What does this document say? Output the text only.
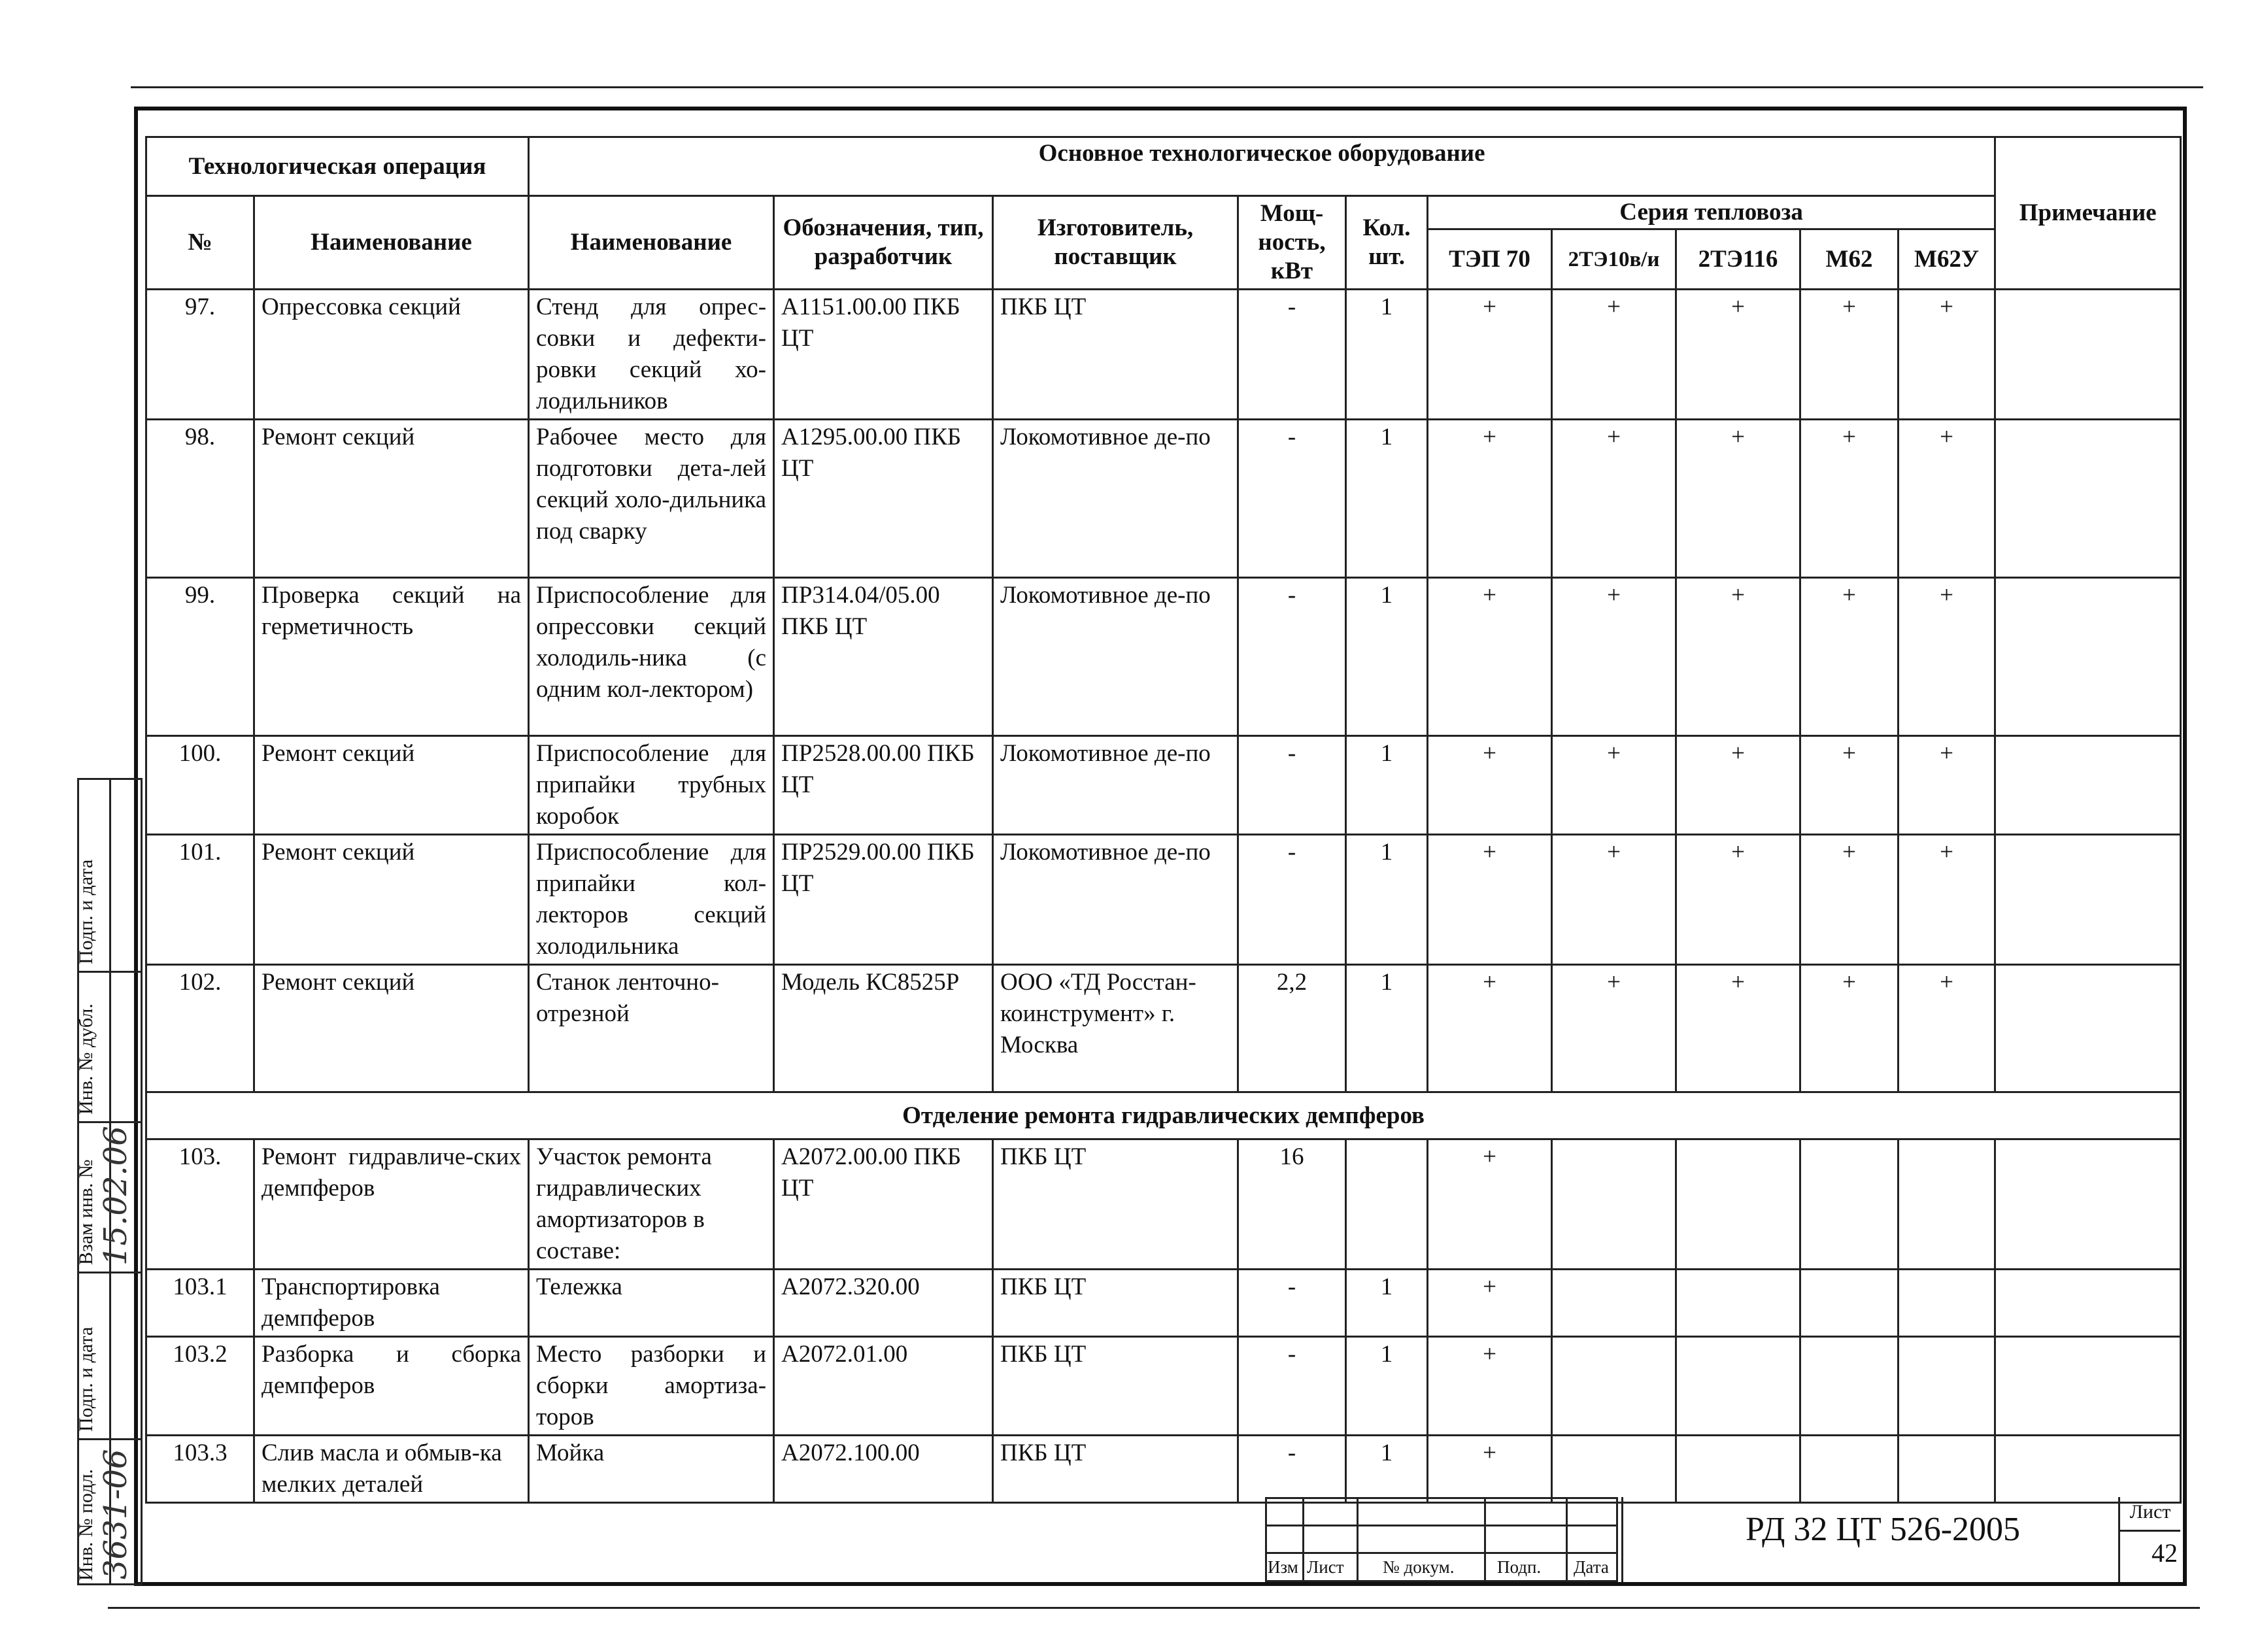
Технологическая операция		Основное технологическое оборудование										Примечание
№	Наименование	Наименование	Обозначения, тип, разработчик	Изготовитель, поставщик	Мощ-ность, кВт	Кол. шт.	Серия тепловоза					
							ТЭП 70	2ТЭ10в/и	2ТЭ116	М62	М62У	
97.	Опрессовка секций	Стенд для опрес-совки и дефекти-ровки секций хо-лодильников	А1151.00.00 ПКБ ЦТ	ПКБ ЦТ	-	1	+	+	+	+	+	
98.	Ремонт секций	Рабочее место для подготовки дета-лей секций холо-дильника под сварку	А1295.00.00 ПКБ ЦТ	Локомотивное де-по	-	1	+	+	+	+	+	
99.	Проверка секций на герметичность	Приспособление для опрессовки секций холодиль-ника (с одним кол-лектором)	ПР314.04/05.00 ПКБ ЦТ	Локомотивное де-по	-	1	+	+	+	+	+	
100.	Ремонт секций	Приспособление для припайки трубных коробок	ПР2528.00.00 ПКБ ЦТ	Локомотивное де-по	-	1	+	+	+	+	+	
101.	Ремонт секций	Приспособление для припайки кол-лекторов секций холодильника	ПР2529.00.00 ПКБ ЦТ	Локомотивное де-по	-	1	+	+	+	+	+	
102.	Ремонт секций	Станок ленточно-отрезной	Модель КС8525Р	ООО «ТД Росстан-коинструмент» г. Москва	2,2	1	+	+	+	+	+	
Отделение ремонта гидравлических демпферов												
103.	Ремонт гидравличе-ских демпферов	Участок ремонта гидравлических амортизаторов в составе:	А2072.00.00 ПКБ ЦТ	ПКБ ЦТ	16		+					
103.1	Транспортировка демпферов	Тележка	А2072.320.00	ПКБ ЦТ	-	1	+					
103.2	Разборка и сборка демпферов	Место разборки и сборки амортиза-торов	А2072.01.00	ПКБ ЦТ	-	1	+					
103.3	Слив масла и обмыв-ка мелких деталей	Мойка	А2072.100.00	ПКБ ЦТ	-	1	+					
Подп. и дата
Инв. № дубл.
Взам инв. №
Подп. и дата
Инв. № подл.
15.02.06
3631-06	Изм Лист № докум. Подп. Дата
РД 32 ЦТ 526-2005	Лист
42
